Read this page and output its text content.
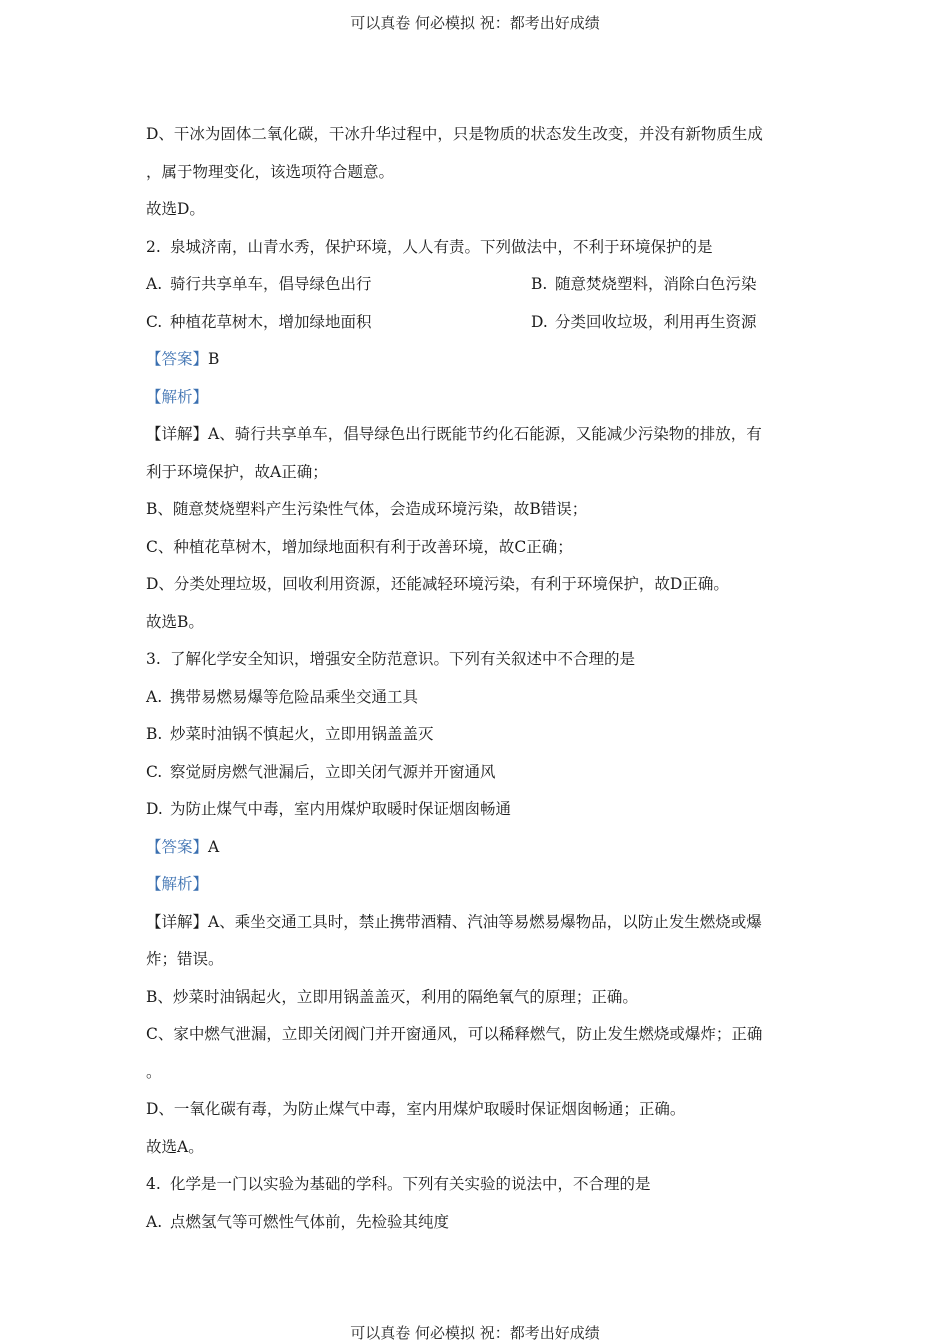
可以真卷 何必模拟 祝：都考出好成绩
D、干冰为固体二氧化碳，干冰升华过程中，只是物质的状态发生改变，并没有新物质生成
，属于物理变化，该选项符合题意。
故选D。
2. 泉城济南，山青水秀，保护环境，人人有责。下列做法中，不利于环境保护的是
A. 骑行共享单车，倡导绿色出行	B. 随意焚烧塑料，消除白色污染
C. 种植花草树木，增加绿地面积	D. 分类回收垃圾，利用再生资源
【答案】B
【解析】
【详解】A、骑行共享单车，倡导绿色出行既能节约化石能源，又能减少污染物的排放，有
利于环境保护，故A正确；
B、随意焚烧塑料产生污染性气体，会造成环境污染，故B错误；
C、种植花草树木，增加绿地面积有利于改善环境，故C正确；
D、分类处理垃圾，回收利用资源，还能减轻环境污染，有利于环境保护，故D正确。
故选B。
3. 了解化学安全知识，增强安全防范意识。下列有关叙述中不合理的是
A. 携带易燃易爆等危险品乘坐交通工具
B. 炒菜时油锅不慎起火，立即用锅盖盖灭
C. 察觉厨房燃气泄漏后，立即关闭气源并开窗通风
D. 为防止煤气中毒，室内用煤炉取暖时保证烟囱畅通
【答案】A
【解析】
【详解】A、乘坐交通工具时，禁止携带酒精、汽油等易燃易爆物品，以防止发生燃烧或爆
炸；错误。
B、炒菜时油锅起火，立即用锅盖盖灭，利用的隔绝氧气的原理；正确。
C、家中燃气泄漏，立即关闭阀门并开窗通风，可以稀释燃气，防止发生燃烧或爆炸；正确
。
D、一氧化碳有毒，为防止煤气中毒，室内用煤炉取暖时保证烟囱畅通；正确。
故选A。
4. 化学是一门以实验为基础的学科。下列有关实验的说法中，不合理的是
A. 点燃氢气等可燃性气体前，先检验其纯度
可以真卷 何必模拟 祝：都考出好成绩
